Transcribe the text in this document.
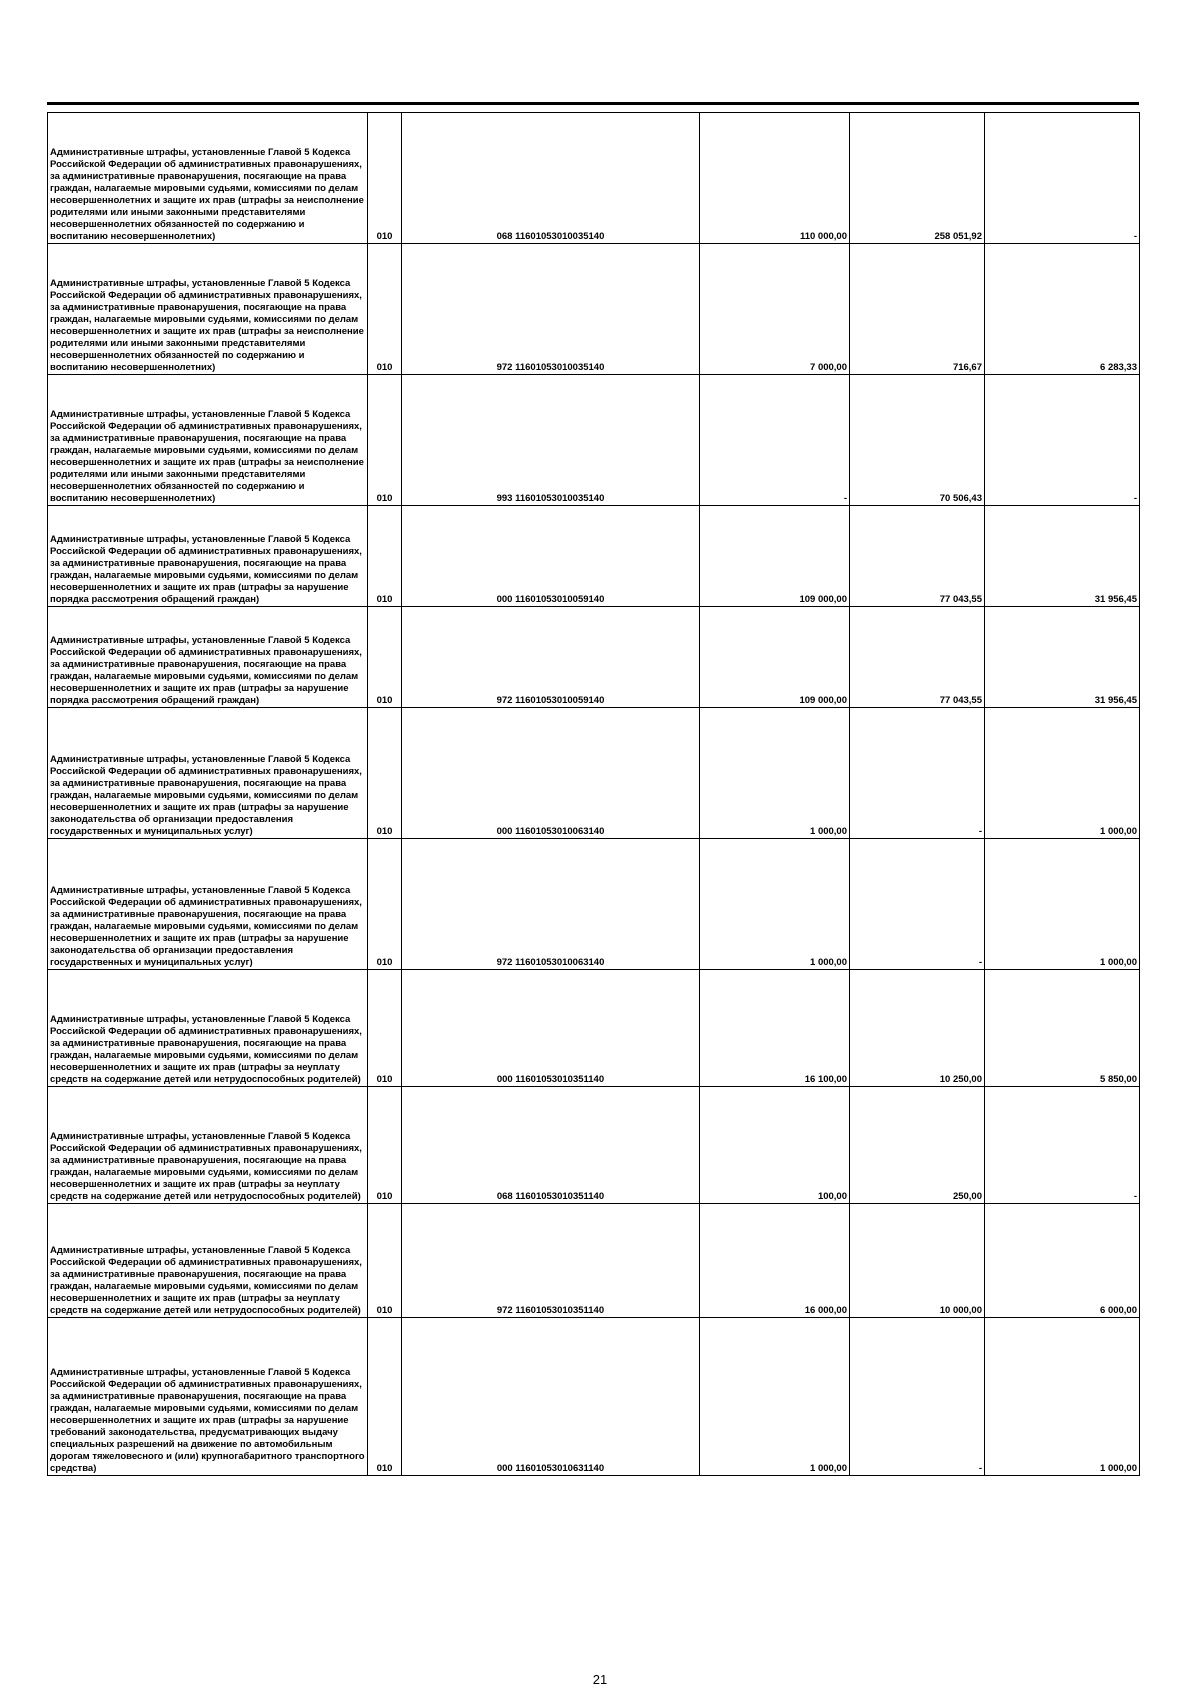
Административные штрафы, установленные Главой 5 Кодекса Российской Федерации об административных правонарушениях, за административные правонарушения, посягающие на права граждан, налагаемые мировыми судьями, комиссиями по делам несовершеннолетних и защите их прав (штрафы за неисполнение родителями или иными законными представителями несовершеннолетних обязанностей по содержанию и воспитанию несовершеннолетних)	010	068 11601053010035140	110 000,00	258 051,92	-
Административные штрафы, установленные Главой 5 Кодекса Российской Федерации об административных правонарушениях, за административные правонарушения, посягающие на права граждан, налагаемые мировыми судьями, комиссиями по делам несовершеннолетних и защите их прав (штрафы за неисполнение родителями или иными законными представителями несовершеннолетних обязанностей по содержанию и воспитанию несовершеннолетних)	010	972 11601053010035140	7 000,00	716,67	6 283,33
Административные штрафы, установленные Главой 5 Кодекса Российской Федерации об административных правонарушениях, за административные правонарушения, посягающие на права граждан, налагаемые мировыми судьями, комиссиями по делам несовершеннолетних и защите их прав (штрафы за неисполнение родителями или иными законными представителями несовершеннолетних обязанностей по содержанию и воспитанию несовершеннолетних)	010	993 11601053010035140	-	70 506,43	-
Административные штрафы, установленные Главой 5 Кодекса Российской Федерации об административных правонарушениях, за административные правонарушения, посягающие на права граждан, налагаемые мировыми судьями, комиссиями по делам несовершеннолетних и защите их прав (штрафы за нарушение порядка рассмотрения обращений граждан)	010	000 11601053010059140	109 000,00	77 043,55	31 956,45
Административные штрафы, установленные Главой 5 Кодекса Российской Федерации об административных правонарушениях, за административные правонарушения, посягающие на права граждан, налагаемые мировыми судьями, комиссиями по делам несовершеннолетних и защите их прав (штрафы за нарушение порядка рассмотрения обращений граждан)	010	972 11601053010059140	109 000,00	77 043,55	31 956,45
Административные штрафы, установленные Главой 5 Кодекса Российской Федерации об административных правонарушениях, за административные правонарушения, посягающие на права граждан, налагаемые мировыми судьями, комиссиями по делам несовершеннолетних и защите их прав (штрафы за нарушение законодательства об организации предоставления государственных и муниципальных услуг)	010	000 11601053010063140	1 000,00	-	1 000,00
Административные штрафы, установленные Главой 5 Кодекса Российской Федерации об административных правонарушениях, за административные правонарушения, посягающие на права граждан, налагаемые мировыми судьями, комиссиями по делам несовершеннолетних и защите их прав (штрафы за нарушение законодательства об организации предоставления государственных и муниципальных услуг)	010	972 11601053010063140	1 000,00	-	1 000,00
Административные штрафы, установленные Главой 5 Кодекса Российской Федерации об административных правонарушениях, за административные правонарушения, посягающие на права граждан, налагаемые мировыми судьями, комиссиями по делам несовершеннолетних и защите их прав (штрафы за неуплату средств на содержание детей или нетрудоспособных родителей)	010	000 11601053010351140	16 100,00	10 250,00	5 850,00
Административные штрафы, установленные Главой 5 Кодекса Российской Федерации об административных правонарушениях, за административные правонарушения, посягающие на права граждан, налагаемые мировыми судьями, комиссиями по делам несовершеннолетних и защите их прав (штрафы за неуплату средств на содержание детей или нетрудоспособных родителей)	010	068 11601053010351140	100,00	250,00	-
Административные штрафы, установленные Главой 5 Кодекса Российской Федерации об административных правонарушениях, за административные правонарушения, посягающие на права граждан, налагаемые мировыми судьями, комиссиями по делам несовершеннолетних и защите их прав (штрафы за неуплату средств на содержание детей или нетрудоспособных родителей)	010	972 11601053010351140	16 000,00	10 000,00	6 000,00
Административные штрафы, установленные Главой 5 Кодекса Российской Федерации об административных правонарушениях, за административные правонарушения, посягающие на права граждан, налагаемые мировыми судьями, комиссиями по делам несовершеннолетних и защите их прав (штрафы за нарушение требований законодательства, предусматривающих выдачу специальных разрешений на движение по автомобильным дорогам тяжеловесного и (или) крупногабаритного транспортного средства)	010	000 11601053010631140	1 000,00	-	1 000,00
21
